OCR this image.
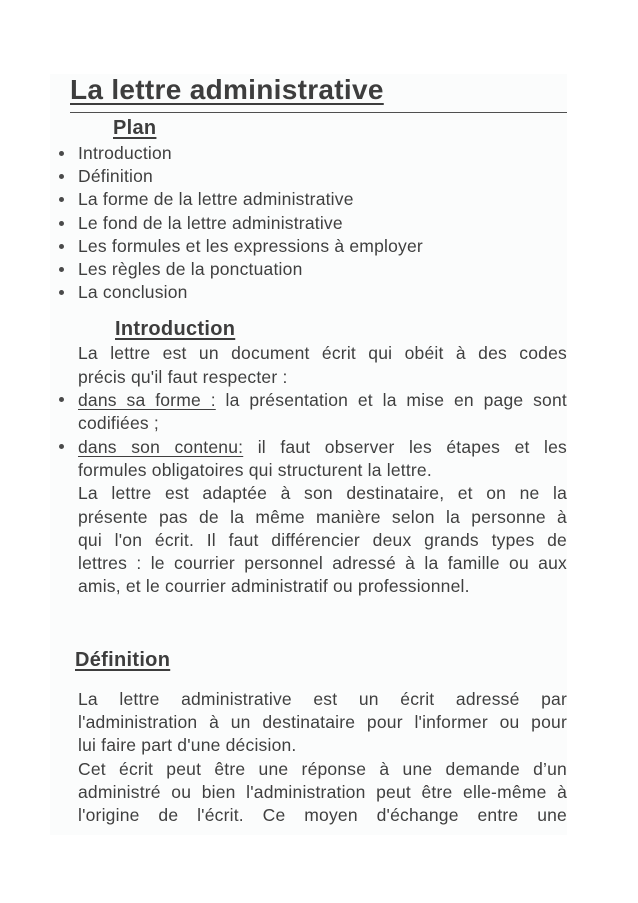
La lettre administrative
Plan
Introduction
Définition
La forme de la lettre administrative
Le fond de la lettre administrative
Les formules et les expressions à employer
Les règles de la ponctuation
La conclusion
Introduction
La lettre est un document écrit qui obéit à des codes
précis qu'il faut respecter :
dans sa forme : la présentation et la mise en page sont
codifiées ;
dans son contenu: il faut observer les étapes et les
formules obligatoires qui structurent la lettre.
La lettre est adaptée à son destinataire, et on ne la
présente pas de la même manière selon la personne à
qui l'on écrit. Il faut différencier deux grands types de
lettres : le courrier personnel adressé à la famille ou aux
amis, et le courrier administratif ou professionnel.
Définition
La lettre administrative est un écrit adressé par
l'administration à un destinataire pour l'informer ou pour
lui faire part d'une décision.
Cet écrit peut être une réponse à une demande d’un
administré ou bien l'administration peut être elle-même à
l'origine de l'écrit. Ce moyen d'échange entre une
